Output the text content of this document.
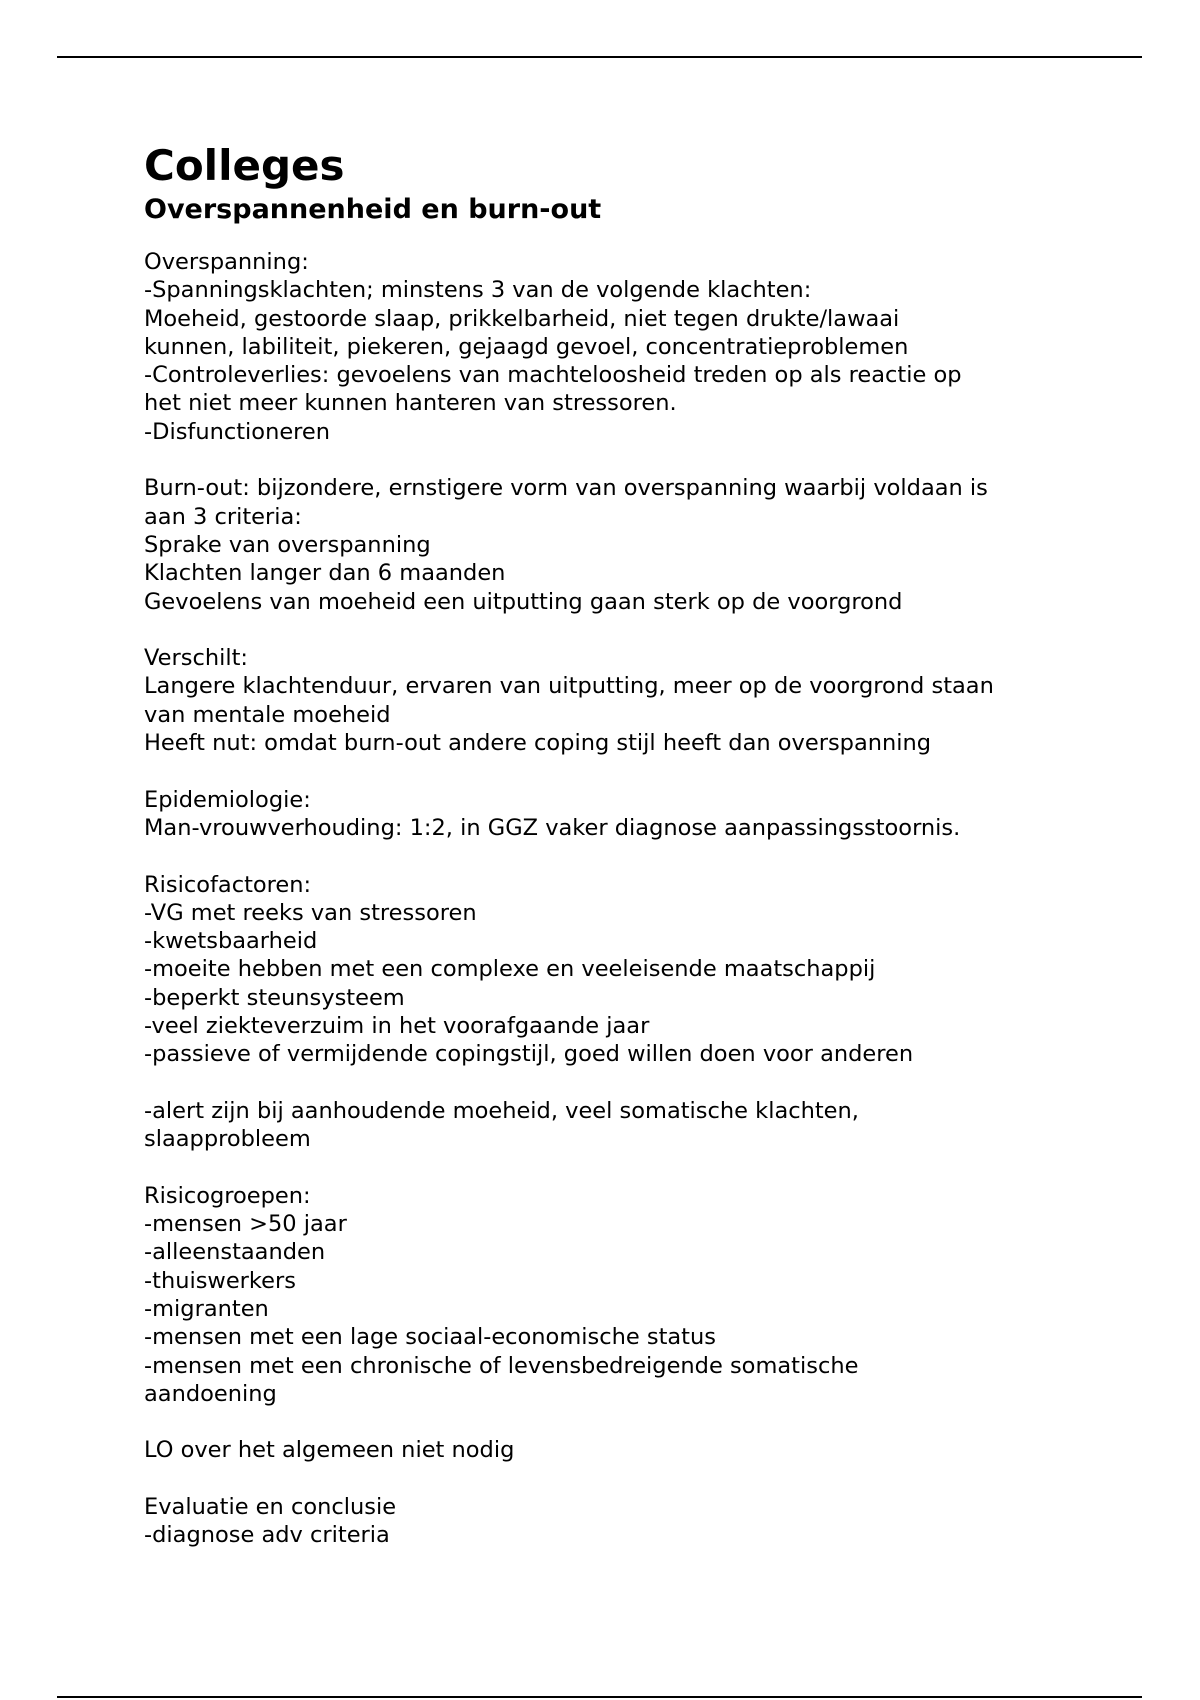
Colleges
Overspannenheid en burn-out
Overspanning:
-Spanningsklachten; minstens 3 van de volgende klachten:
Moeheid, gestoorde slaap, prikkelbarheid, niet tegen drukte/lawaai
kunnen, labiliteit, piekeren, gejaagd gevoel, concentratieproblemen
-Controleverlies: gevoelens van machteloosheid treden op als reactie op
het niet meer kunnen hanteren van stressoren.
-Disfunctioneren
Burn-out: bijzondere, ernstigere vorm van overspanning waarbij voldaan is
aan 3 criteria:
Sprake van overspanning
Klachten langer dan 6 maanden
Gevoelens van moeheid een uitputting gaan sterk op de voorgrond
Verschilt:
Langere klachtenduur, ervaren van uitputting, meer op de voorgrond staan
van mentale moeheid
Heeft nut: omdat burn-out andere coping stijl heeft dan overspanning
Epidemiologie:
Man-vrouwverhouding: 1:2, in GGZ vaker diagnose aanpassingsstoornis.
Risicofactoren:
-VG met reeks van stressoren
-kwetsbaarheid
-moeite hebben met een complexe en veeleisende maatschappij
-beperkt steunsysteem
-veel ziekteverzuim in het voorafgaande jaar
-passieve of vermijdende copingstijl, goed willen doen voor anderen
-alert zijn bij aanhoudende moeheid, veel somatische klachten,
slaapprobleem
Risicogroepen:
-mensen >50 jaar
-alleenstaanden
-thuiswerkers
-migranten
-mensen met een lage sociaal-economische status
-mensen met een chronische of levensbedreigende somatische
aandoening
LO over het algemeen niet nodig
Evaluatie en conclusie
-diagnose adv criteria
